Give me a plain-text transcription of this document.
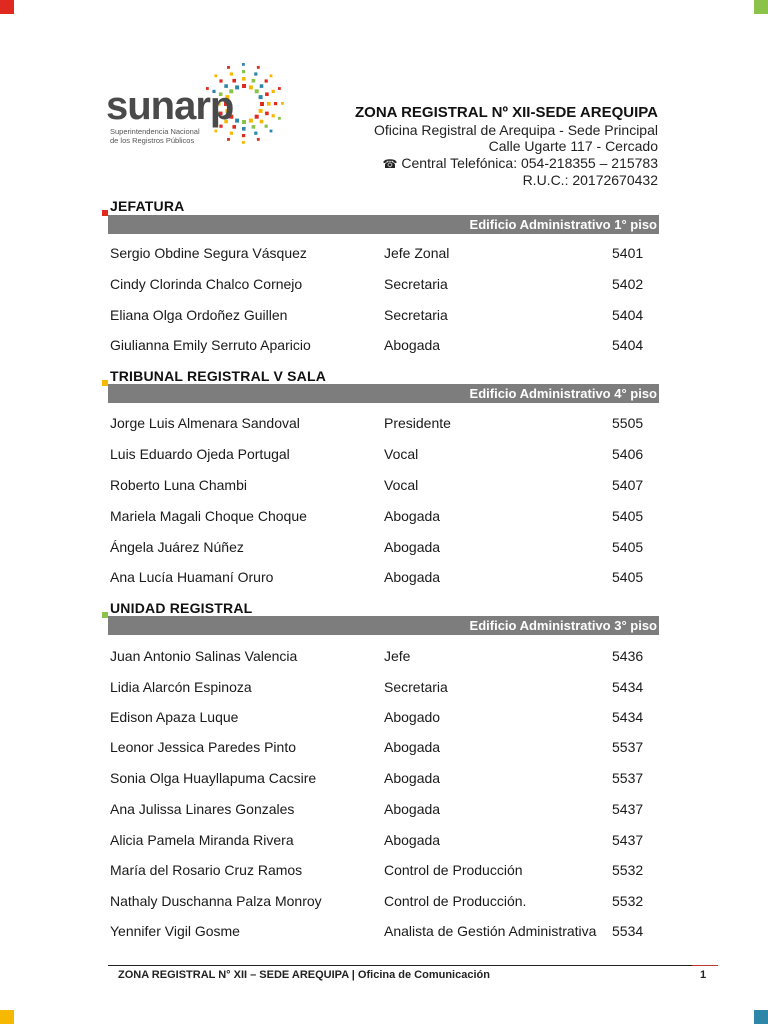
sunarp
Superintendencia Nacional
de los Registros Públicos
ZONA REGISTRAL Nº XII-SEDE AREQUIPA
Oficina Registral de Arequipa - Sede Principal
Calle Ugarte 117 - Cercado
☎ Central Telefónica: 054-218355 – 215783
R.U.C.: 20172670432
JEFATURA
Edificio Administrativo 1° piso
Sergio Obdine Segura Vásquez	Jefe Zonal	5401
Cindy Clorinda Chalco Cornejo	Secretaria	5402
Eliana Olga Ordoñez Guillen	Secretaria	5404
Giulianna Emily Serruto Aparicio	Abogada	5404
TRIBUNAL REGISTRAL V SALA
Edificio Administrativo 4° piso
Jorge Luis Almenara Sandoval	Presidente	5505
Luis Eduardo Ojeda Portugal	Vocal	5406
Roberto Luna Chambi	Vocal	5407
Mariela Magali Choque Choque	Abogada	5405
Ángela Juárez Núñez	Abogada	5405
Ana Lucía Huamaní Oruro	Abogada	5405
UNIDAD REGISTRAL
Edificio Administrativo 3° piso
Juan Antonio Salinas Valencia	Jefe	5436
Lidia Alarcón Espinoza	Secretaria	5434
Edison Apaza Luque	Abogado	5434
Leonor Jessica Paredes Pinto	Abogada	5537
Sonia Olga Huayllapuma Cacsire	Abogada	5537
Ana Julissa Linares Gonzales	Abogada	5437
Alicia Pamela Miranda Rivera	Abogada	5437
María del Rosario Cruz Ramos	Control de Producción	5532
Nathaly Duschanna Palza Monroy	Control de Producción.	5532
Yennifer Vigil Gosme	Analista de Gestión Administrativa 5534
ZONA REGISTRAL N° XII – SEDE AREQUIPA | Oficina de Comunicación	1
